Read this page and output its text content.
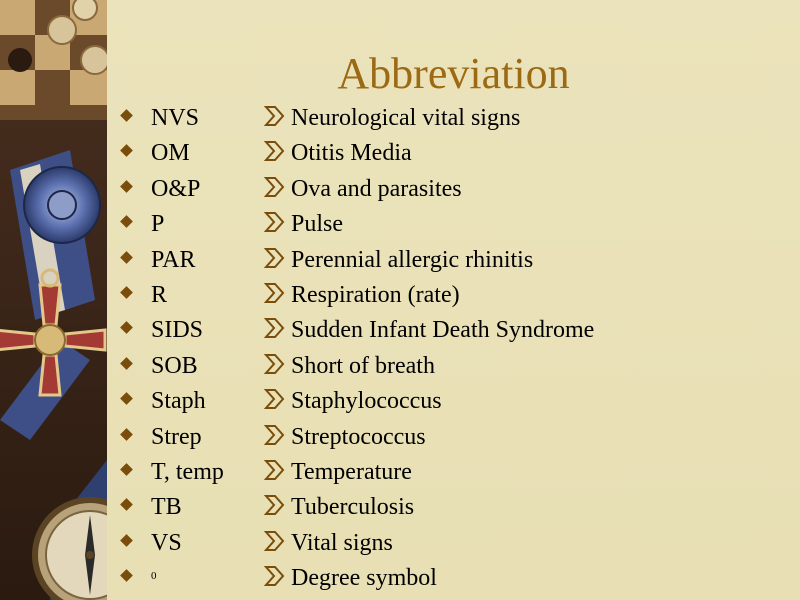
Abbreviation
NVS	Neurological vital signs
OM	Otitis Media
O&P	Ova and parasites
P	Pulse
PAR	Perennial allergic rhinitis
R	Respiration (rate)
SIDS	Sudden Infant Death Syndrome
SOB	Short of breath
Staph	Staphylococcus
Strep	Streptococcus
T, temp	Temperature
TB	Tuberculosis
VS	Vital signs
0	Degree symbol
